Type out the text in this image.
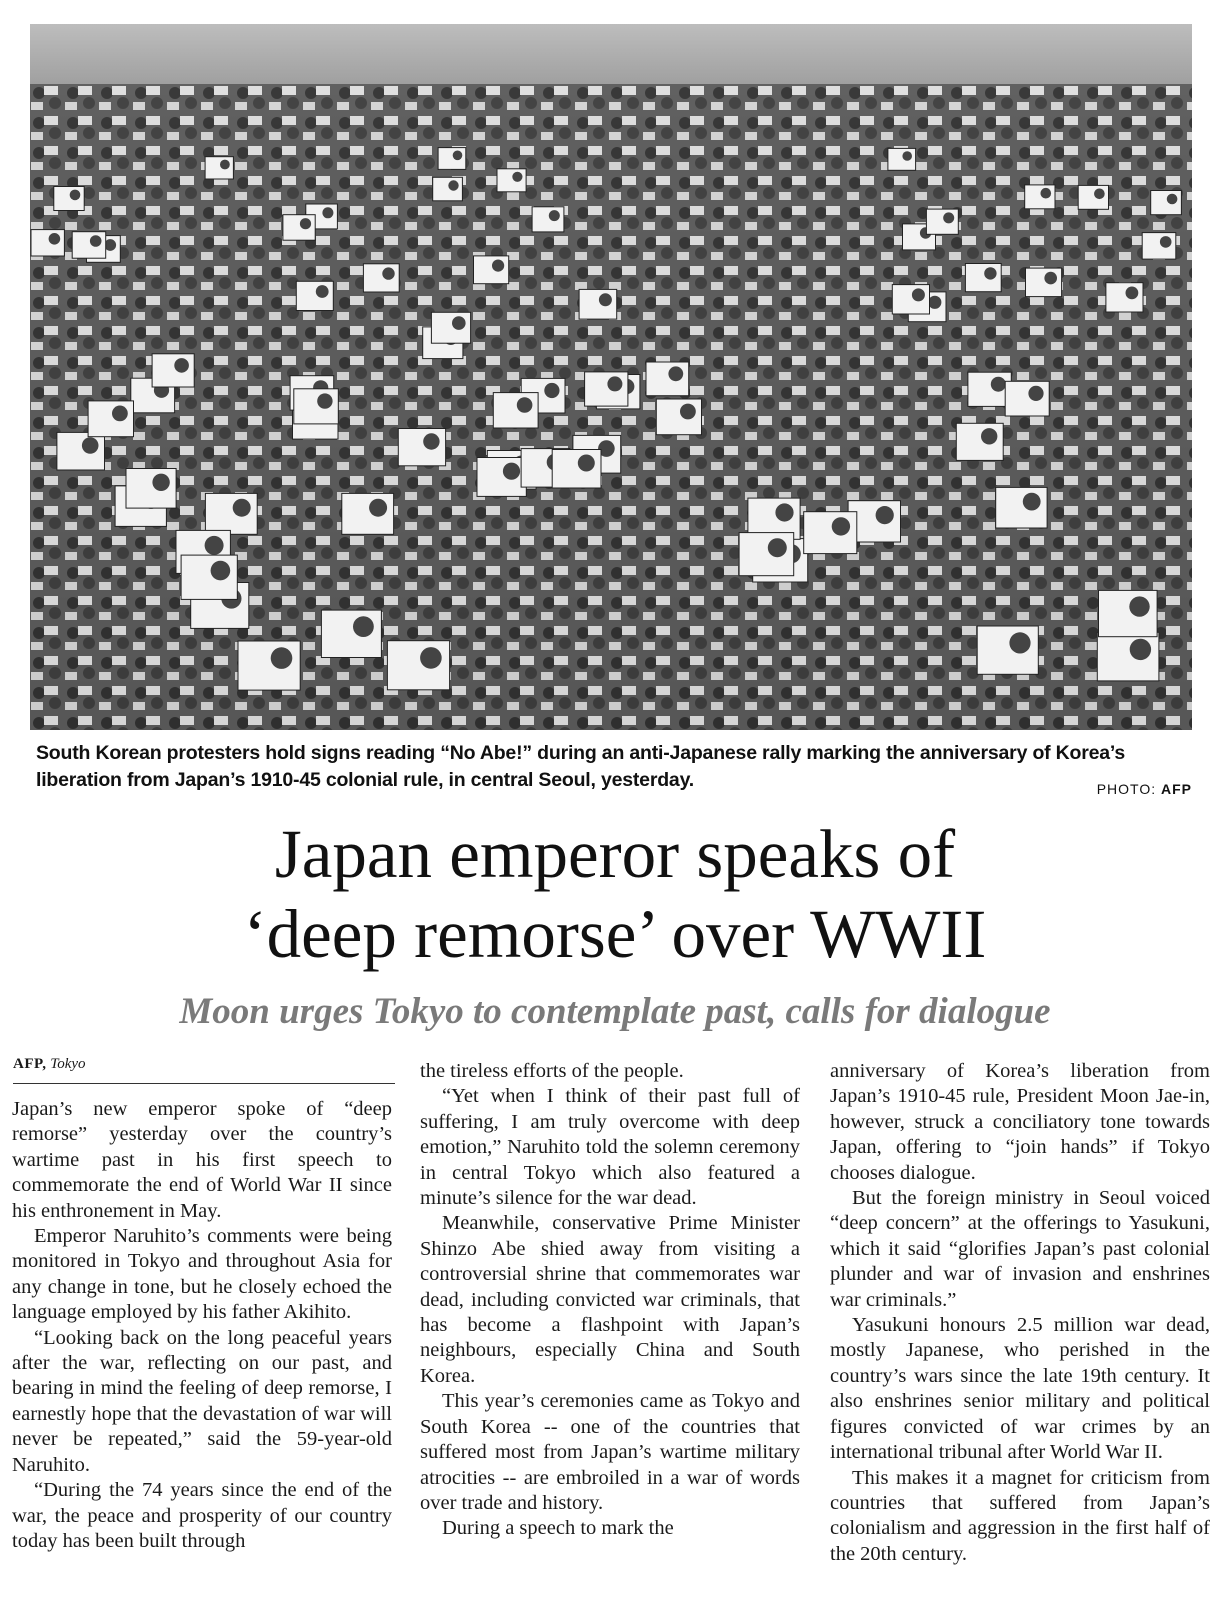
South Korean protesters hold signs reading “No Abe!” during an anti-Japanese rally marking the anniversary of Korea’s liberation from Japan’s 1910-45 colonial rule, in central Seoul, yesterday.	PHOTO: AFP
Japan emperor speaks of
‘deep remorse’ over WWII
Moon urges Tokyo to contemplate past, calls for dialogue
AFP, Tokyo

Japan’s new emperor spoke of “deep remorse” yesterday over the country’s wartime past in his first speech to commemorate the end of World War II since his enthronement in May.

Emperor Naruhito’s comments were being monitored in Tokyo and throughout Asia for any change in tone, but he closely echoed the language employed by his father Akihito.

“Looking back on the long peaceful years after the war, reflecting on our past, and bearing in mind the feeling of deep remorse, I earnestly hope that the devastation of war will never be repeated,” said the 59-year-old Naruhito.

“During the 74 years since the end of the war, the peace and prosperity of our country today has been built through

the tireless efforts of the people.

“Yet when I think of their past full of suffering, I am truly overcome with deep emotion,” Naruhito told the solemn ceremony in central Tokyo which also featured a minute’s silence for the war dead.

Meanwhile, conservative Prime Minister Shinzo Abe shied away from visiting a controversial shrine that commemorates war dead, including convicted war criminals, that has become a flashpoint with Japan’s neighbours, especially China and South Korea.

This year’s ceremonies came as Tokyo and South Korea -- one of the countries that suffered most from Japan’s wartime military atrocities -- are embroiled in a war of words over trade and history.

During a speech to mark the

anniversary of Korea’s liberation from Japan’s 1910-45 rule, President Moon Jae-in, however, struck a conciliatory tone towards Japan, offering to “join hands” if Tokyo chooses dialogue.

But the foreign ministry in Seoul voiced “deep concern” at the offerings to Yasukuni, which it said “glorifies Japan’s past colonial plunder and war of invasion and enshrines war criminals.”

Yasukuni honours 2.5 million war dead, mostly Japanese, who perished in the country’s wars since the late 19th century. It also enshrines senior military and political figures convicted of war crimes by an international tribunal after World War II.

This makes it a magnet for criticism from countries that suffered from Japan’s colonialism and aggression in the first half of the 20th century.
